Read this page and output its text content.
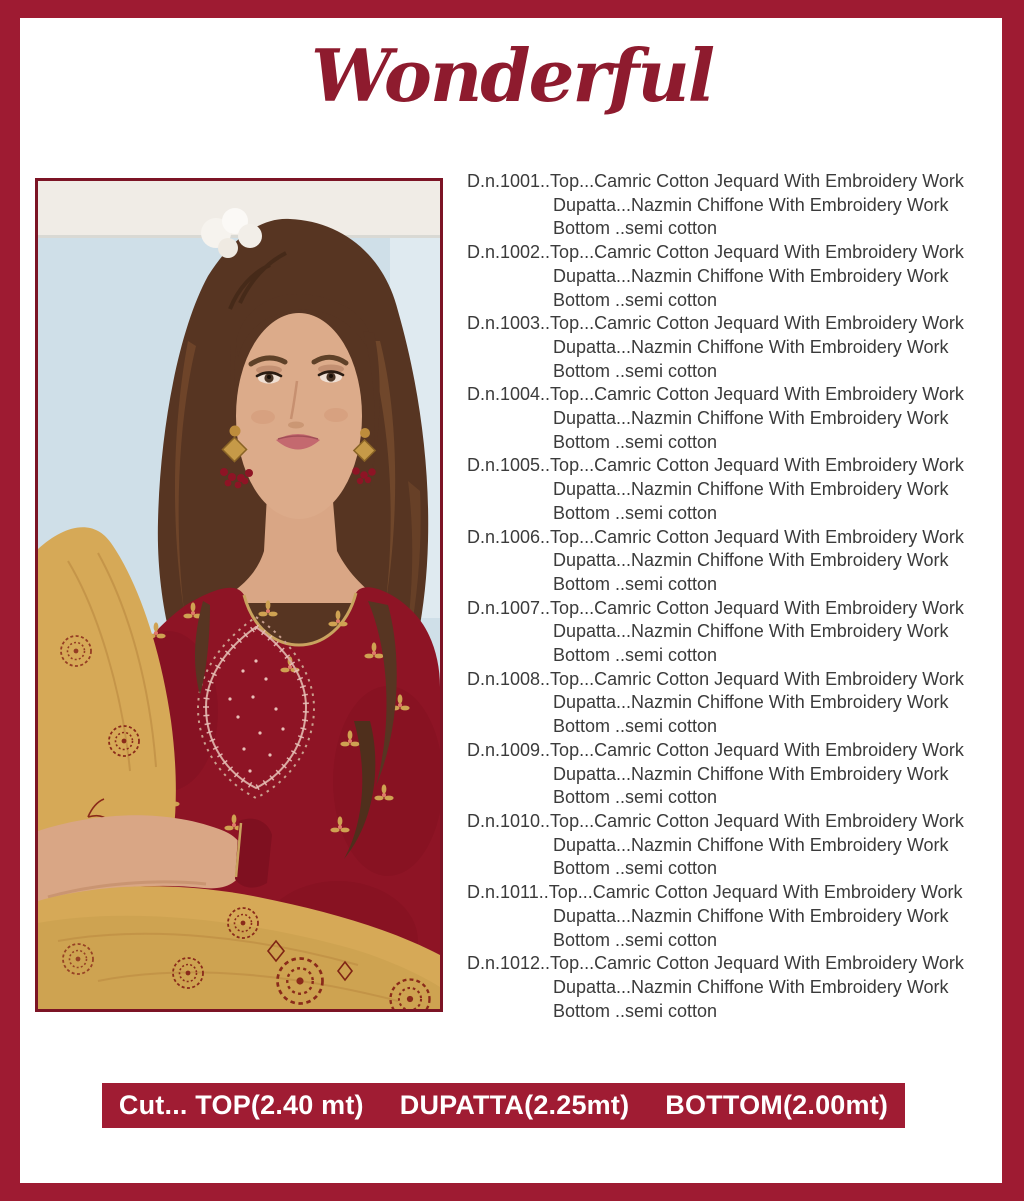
Wonderful
D.n.1001..Top...Camric Cotton Jequard With Embroidery Work
Dupatta...Nazmin Chiffone With Embroidery Work
Bottom ..semi cotton
D.n.1002..Top...Camric Cotton Jequard With Embroidery Work
Dupatta...Nazmin Chiffone With Embroidery Work
Bottom ..semi cotton
D.n.1003..Top...Camric Cotton Jequard With Embroidery Work
Dupatta...Nazmin Chiffone With Embroidery Work
Bottom ..semi cotton
D.n.1004..Top...Camric Cotton Jequard With Embroidery Work
Dupatta...Nazmin Chiffone With Embroidery Work
Bottom ..semi cotton
D.n.1005..Top...Camric Cotton Jequard With Embroidery Work
Dupatta...Nazmin Chiffone With Embroidery Work
Bottom ..semi cotton
D.n.1006..Top...Camric Cotton Jequard With Embroidery Work
Dupatta...Nazmin Chiffone With Embroidery Work
Bottom ..semi cotton
D.n.1007..Top...Camric Cotton Jequard With Embroidery Work
Dupatta...Nazmin Chiffone With Embroidery Work
Bottom ..semi cotton
D.n.1008..Top...Camric Cotton Jequard With Embroidery Work
Dupatta...Nazmin Chiffone With Embroidery Work
Bottom ..semi cotton
D.n.1009..Top...Camric Cotton Jequard With Embroidery Work
Dupatta...Nazmin Chiffone With Embroidery Work
Bottom ..semi cotton
D.n.1010..Top...Camric Cotton Jequard With Embroidery Work
Dupatta...Nazmin Chiffone With Embroidery Work
Bottom ..semi cotton
D.n.1011..Top...Camric Cotton Jequard With Embroidery Work
Dupatta...Nazmin Chiffone With Embroidery Work
Bottom ..semi cotton
D.n.1012..Top...Camric Cotton Jequard With Embroidery Work
Dupatta...Nazmin Chiffone With Embroidery Work
Bottom ..semi cotton
Cut... TOP(2.40 mt) DUPATTA(2.25mt) BOTTOM(2.00mt)
